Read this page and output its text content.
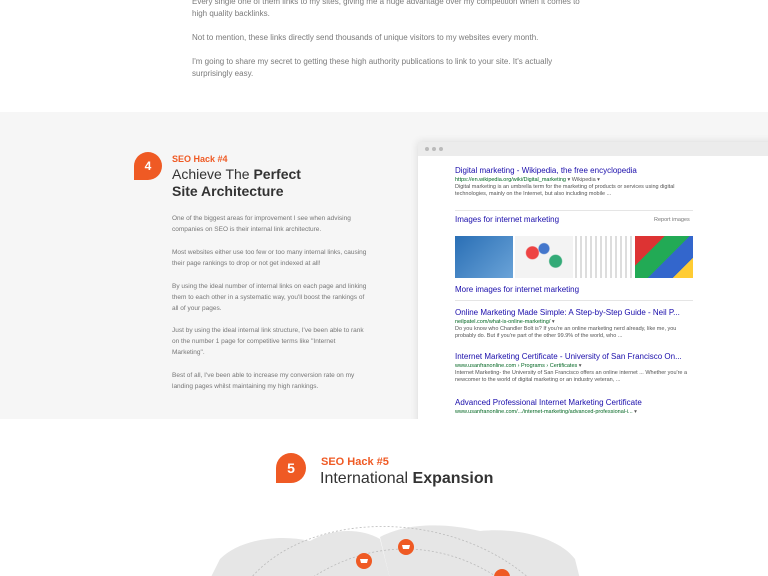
Every single one of them links to my sites, giving me a huge advantage over my competition when it comes to high quality backlinks.

Not to mention, these links directly send thousands of unique visitors to my websites every month.

I'm going to share my secret to getting these high authority publications to link to your site. It's actually surprisingly easy.

4	SEO Hack #4
Achieve The Perfect
Site Architecture

One of the biggest areas for improvement I see when advising companies on SEO is their internal link architecture.

Most websites either use too few or too many internal links, causing their page rankings to drop or not get indexed at all!

By using the ideal number of internal links on each page and linking them to each other in a systematic way, you'll boost the rankings of all of your pages.

Just by using the ideal internal link structure, I've been able to rank on the number 1 page for competitive terms like "Internet Marketing".

Best of all, I've been able to increase my conversion rate on my landing pages whilst maintaining my high rankings.

Digital marketing - Wikipedia, the free encyclopedia
https://en.wikipedia.org/wiki/Digital_marketing ▾ Wikipedia ▾
Digital marketing is an umbrella term for the marketing of products or services using digital technologies, mainly on the Internet, but also including mobile ...
Images for internet marketing	Report images
More images for internet marketing
Online Marketing Made Simple: A Step-by-Step Guide - Neil P...
neilpatel.com/what-is-online-marketing/ ▾
Do you know who Chandler Bolt is? If you're an online marketing nerd already, like me, you probably do. But if you're part of the other 99.9% of the world, who ...
Internet Marketing Certificate - University of San Francisco On...
www.usanfranonline.com › Programs › Certificates ▾
Internet Marketing- the University of San Francisco offers an online internet ... Whether you're a newcomer to the world of digital marketing or an industry veteran, ...
Advanced Professional Internet Marketing Certificate
www.usanfranonline.com/.../internet-marketing/advanced-professional-i... ▾
5	SEO Hack #5
International Expansion
